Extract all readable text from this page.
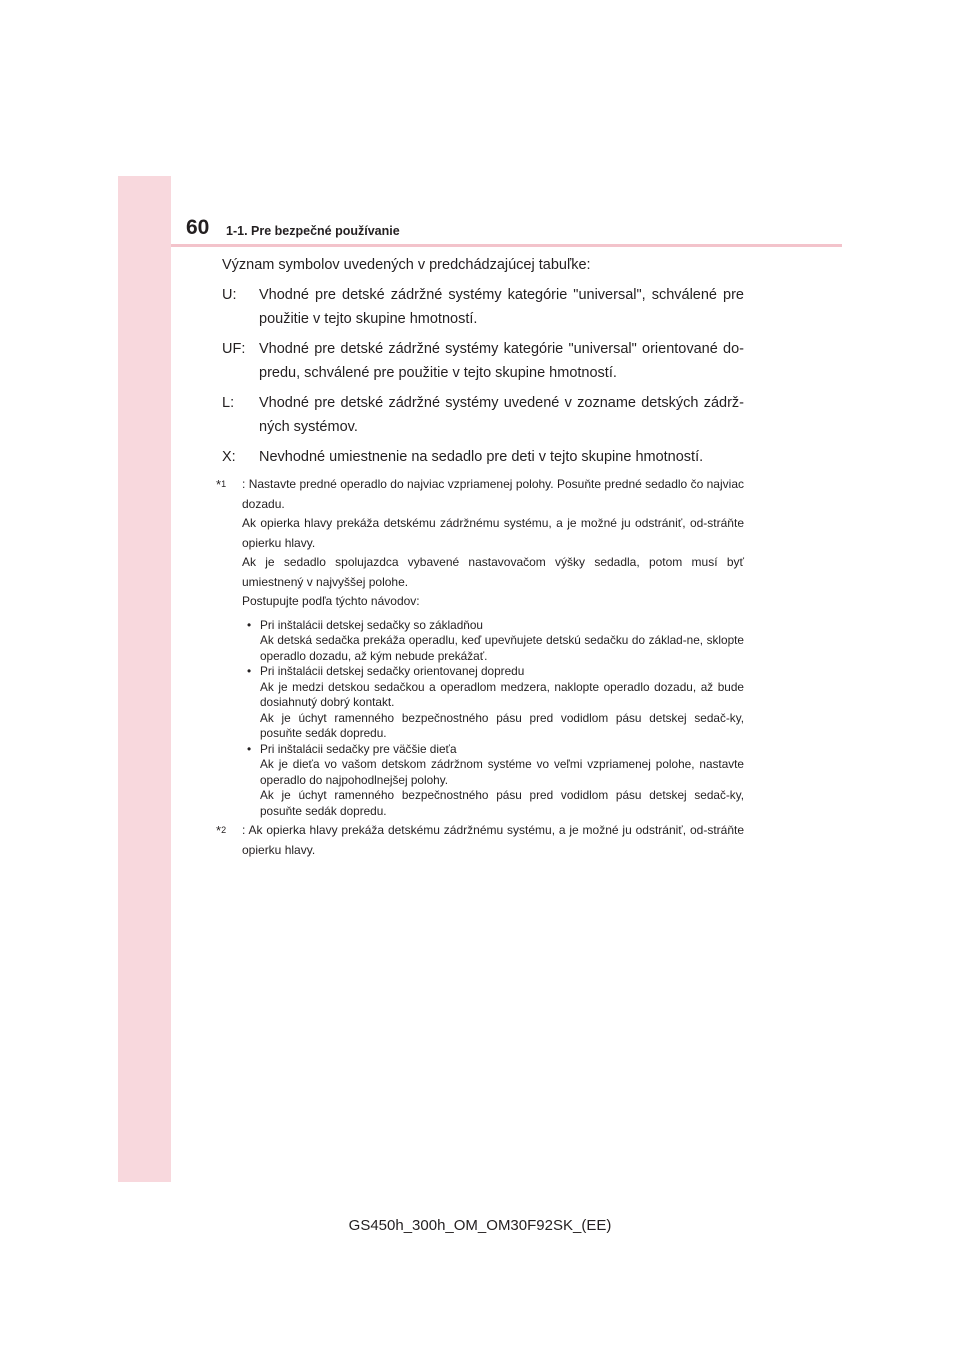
60 1-1. Pre bezpečné používanie

Význam symbolov uvedených v predchádzajúcej tabuľke:

U:	Vhodné pre detské zádržné systémy kategórie "universal", schválené pre použitie v tejto skupine hmotností.
UF: Vhodné pre detské zádržné systémy kategórie "universal" orientované do-predu, schválené pre použitie v tejto skupine hmotností.
L:	Vhodné pre detské zádržné systémy uvedené v zozname detských zádrž-ných systémov.
X:	Nevhodné umiestnenie na sedadlo pre deti v tejto skupine hmotností.
*$^1$ : Nastavte predné operadlo do najviac vzpriamenej polohy. Posuňte predné sedadlo čo najviac dozadu.

Ak opierka hlavy prekáža detskému zádržnému systému, a je možné ju odstrániť, od-stráňte opierku hlavy.

Ak je sedadlo spolujazdca vybavené nastavovačom výšky sedadla, potom musí byť umiestnený v najvyššej polohe.

Postupujte podľa týchto návodov:

• Pri inštalácii detskej sedačky so základňou

Ak detská sedačka prekáža operadlu, keď upevňujete detskú sedačku do základ-ne, sklopte operadlo dozadu, až kým nebude prekážať.

• Pri inštalácii detskej sedačky orientovanej dopredu

Ak je medzi detskou sedačkou a operadlom medzera, naklopte operadlo dozadu, až bude dosiahnutý dobrý kontakt.

Ak je úchyt ramenného bezpečnostného pásu pred vodidlom pásu detskej sedač-ky, posuňte sedák dopredu.

• Pri inštalácii sedačky pre väčšie dieťa

Ak je dieťa vo vašom detskom zádržnom systéme vo veľmi vzpriamenej polohe, nastavte operadlo do najpohodlnejšej polohy.

Ak je úchyt ramenného bezpečnostného pásu pred vodidlom pásu detskej sedač-ky, posuňte sedák dopredu.

*$^2$ : Ak opierka hlavy prekáža detskému zádržnému systému, a je možné ju odstrániť, od-stráňte opierku hlavy.

GS450h_300h_OM_OM30F92SK_(EE)
